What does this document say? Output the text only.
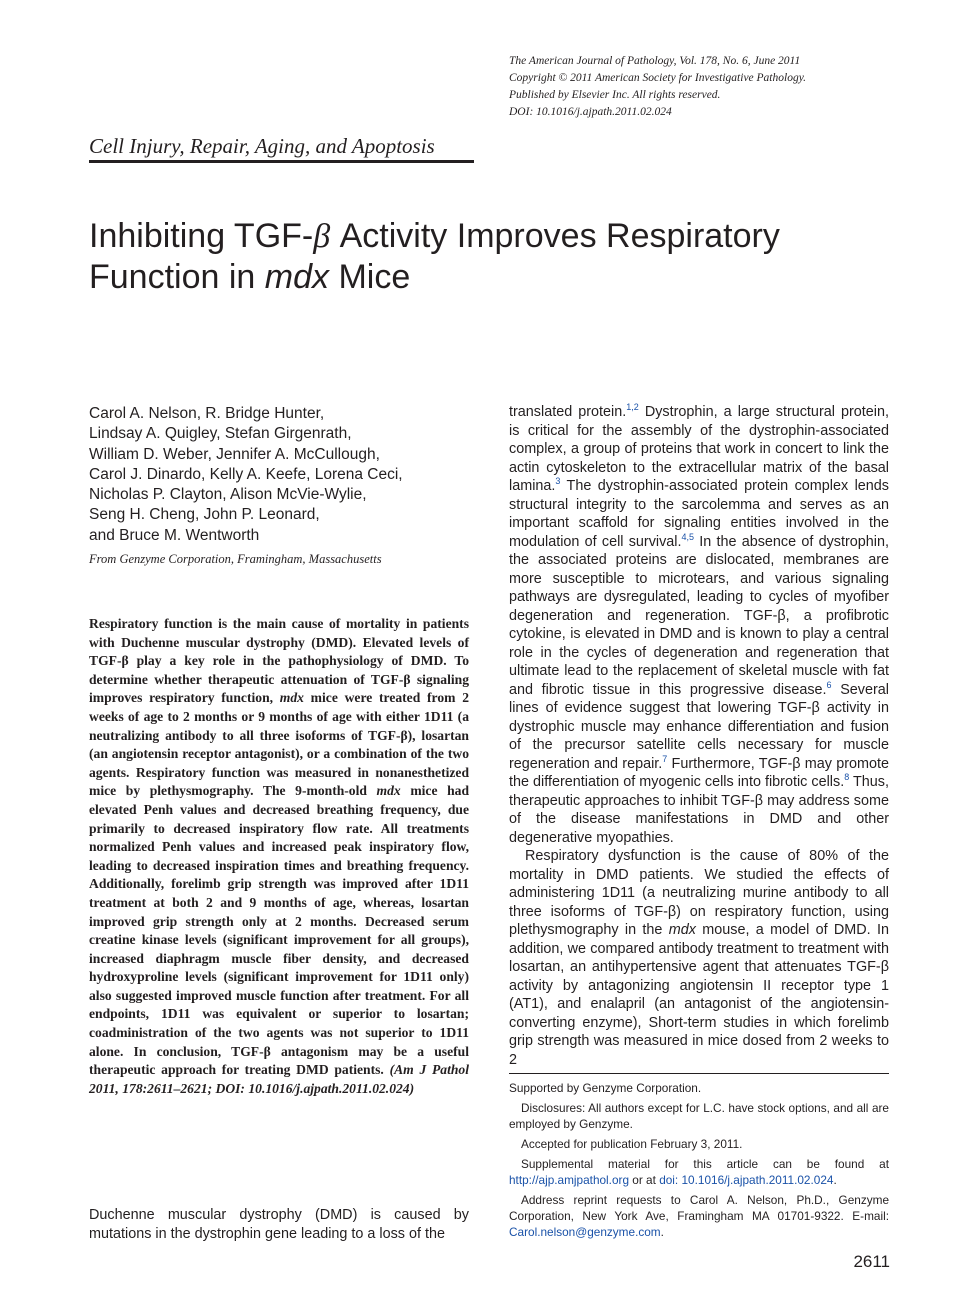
The American Journal of Pathology, Vol. 178, No. 6, June 2011
Copyright © 2011 American Society for Investigative Pathology.
Published by Elsevier Inc. All rights reserved.
DOI: 10.1016/j.ajpath.2011.02.024
Cell Injury, Repair, Aging, and Apoptosis
Inhibiting TGF-β Activity Improves Respiratory
Function in mdx Mice
Carol A. Nelson, R. Bridge Hunter,
Lindsay A. Quigley, Stefan Girgenrath,
William D. Weber, Jennifer A. McCullough,
Carol J. Dinardo, Kelly A. Keefe, Lorena Ceci,
Nicholas P. Clayton, Alison McVie-Wylie,
Seng H. Cheng, John P. Leonard,
and Bruce M. Wentworth
From Genzyme Corporation, Framingham, Massachusetts
Respiratory function is the main cause of mortality in patients with Duchenne muscular dystrophy (DMD). Elevated levels of TGF-β play a key role in the pathophysiology of DMD. To determine whether therapeutic attenuation of TGF-β signaling improves respiratory function, mdx mice were treated from 2 weeks of age to 2 months or 9 months of age with either 1D11 (a neutralizing antibody to all three isoforms of TGF-β), losartan (an angiotensin receptor antagonist), or a combination of the two agents. Respiratory function was measured in nonanesthetized mice by plethysmography. The 9-month-old mdx mice had elevated Penh values and decreased breathing frequency, due primarily to decreased inspiratory flow rate. All treatments normalized Penh values and increased peak inspiratory flow, leading to decreased inspiration times and breathing frequency. Additionally, forelimb grip strength was improved after 1D11 treatment at both 2 and 9 months of age, whereas, losartan improved grip strength only at 2 months. Decreased serum creatine kinase levels (significant improvement for all groups), increased diaphragm muscle fiber density, and decreased hydroxyproline levels (significant improvement for 1D11 only) also suggested improved muscle function after treatment. For all endpoints, 1D11 was equivalent or superior to losartan; coadministration of the two agents was not superior to 1D11 alone. In conclusion, TGF-β antagonism may be a useful therapeutic approach for treating DMD patients. (Am J Pathol 2011, 178:2611–2621; DOI: 10.1016/j.ajpath.2011.02.024)
Duchenne muscular dystrophy (DMD) is caused by mutations in the dystrophin gene leading to a loss of the

translated protein.$^{1,2}$ Dystrophin, a large structural protein, is critical for the assembly of the dystrophin-associated complex, a group of proteins that work in concert to link the actin cytoskeleton to the extracellular matrix of the basal lamina.$^3$ The dystrophin-associated protein complex lends structural integrity to the sarcolemma and serves as an important scaffold for signaling entities involved in the modulation of cell survival.$^{4,5}$ In the absence of dystrophin, the associated proteins are dislocated, membranes are more susceptible to microtears, and various signaling pathways are dysregulated, leading to cycles of myofiber degeneration and regeneration. TGF-β, a profibrotic cytokine, is elevated in DMD and is known to play a central role in the cycles of degeneration and regeneration that ultimate lead to the replacement of skeletal muscle with fat and fibrotic tissue in this progressive disease.$^6$ Several lines of evidence suggest that lowering TGF-β activity in dystrophic muscle may enhance differentiation and fusion of the precursor satellite cells necessary for muscle regeneration and repair.$^7$ Furthermore, TGF-β may promote the differentiation of myogenic cells into fibrotic cells.$^8$ Thus, therapeutic approaches to inhibit TGF-β may address some of the disease manifestations in DMD and other degenerative myopathies.

Respiratory dysfunction is the cause of 80% of the mortality in DMD patients. We studied the effects of administering 1D11 (a neutralizing murine antibody to all three isoforms of TGF-β) on respiratory function, using plethysmography in the mdx mouse, a model of DMD. In addition, we compared antibody treatment to treatment with losartan, an antihypertensive agent that attenuates TGF-β activity by antagonizing angiotensin II receptor type 1 (AT1), and enalapril (an antagonist of the angiotensin-converting enzyme), Short-term studies in which forelimb grip strength was measured in mice dosed from 2 weeks to 2

Supported by Genzyme Corporation.

Disclosures: All authors except for L.C. have stock options, and all are employed by Genzyme.

Accepted for publication February 3, 2011.

Supplemental material for this article can be found at http://ajp.amjpathol.org or at doi: 10.1016/j.ajpath.2011.02.024.

Address reprint requests to Carol A. Nelson, Ph.D., Genzyme Corporation, New York Ave, Framingham MA 01701-9322. E-mail: Carol.nelson@genzyme.com.

2611
